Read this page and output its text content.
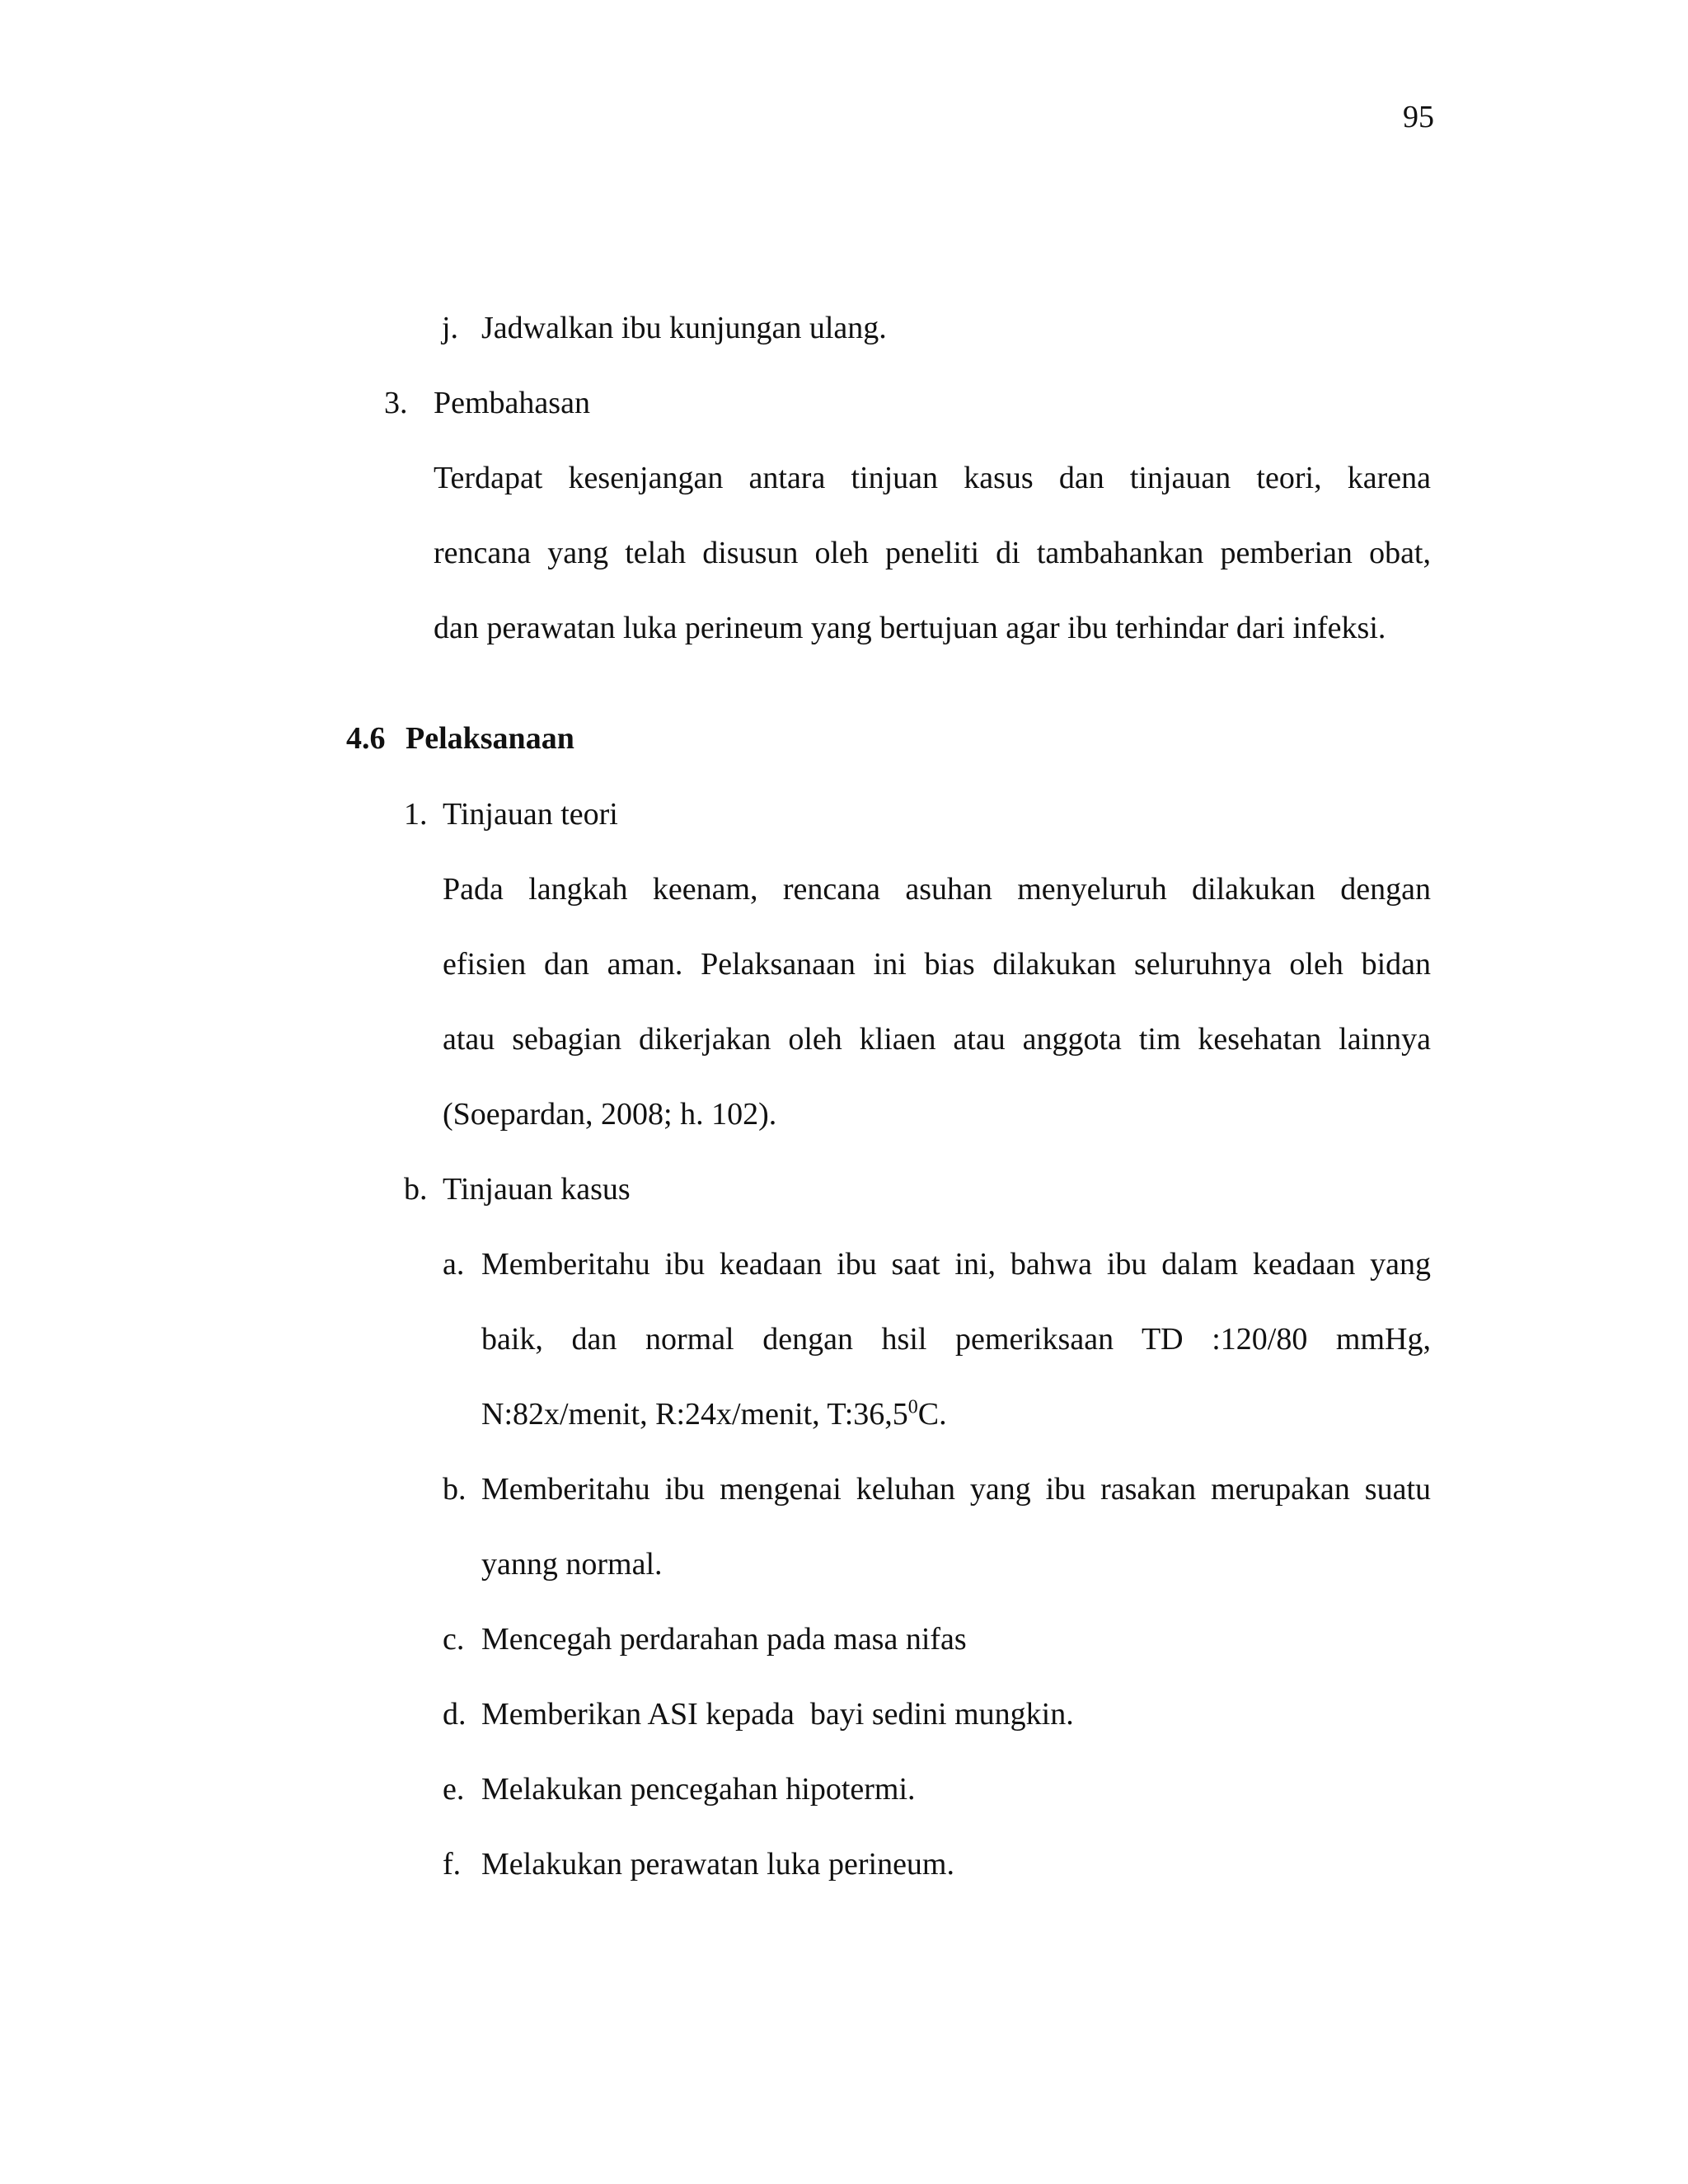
95
j. Jadwalkan ibu kunjungan ulang.
3. Pembahasan
Terdapat kesenjangan antara tinjuan kasus dan tinjauan teori, karena
rencana yang telah disusun oleh peneliti di tambahankan pemberian obat,
dan perawatan luka perineum yang bertujuan agar ibu terhindar dari infeksi.
4.6 Pelaksanaan
1. Tinjauan teori
Pada langkah keenam, rencana asuhan menyeluruh dilakukan dengan
efisien dan aman. Pelaksanaan ini bias dilakukan seluruhnya oleh bidan
atau sebagian dikerjakan oleh kliaen atau anggota tim kesehatan lainnya
(Soepardan, 2008; h. 102).
b. Tinjauan kasus
a. Memberitahu ibu keadaan ibu saat ini, bahwa ibu dalam keadaan yang
baik, dan normal dengan hsil pemeriksaan TD :120/80 mmHg,
N:82x/menit, R:24x/menit, T:36,5$^0$C.
b. Memberitahu ibu mengenai keluhan yang ibu rasakan merupakan suatu
yanng normal.
c. Mencegah perdarahan pada masa nifas
d. Memberikan ASI kepada  bayi sedini mungkin.
e. Melakukan pencegahan hipotermi.
f. Melakukan perawatan luka perineum.
